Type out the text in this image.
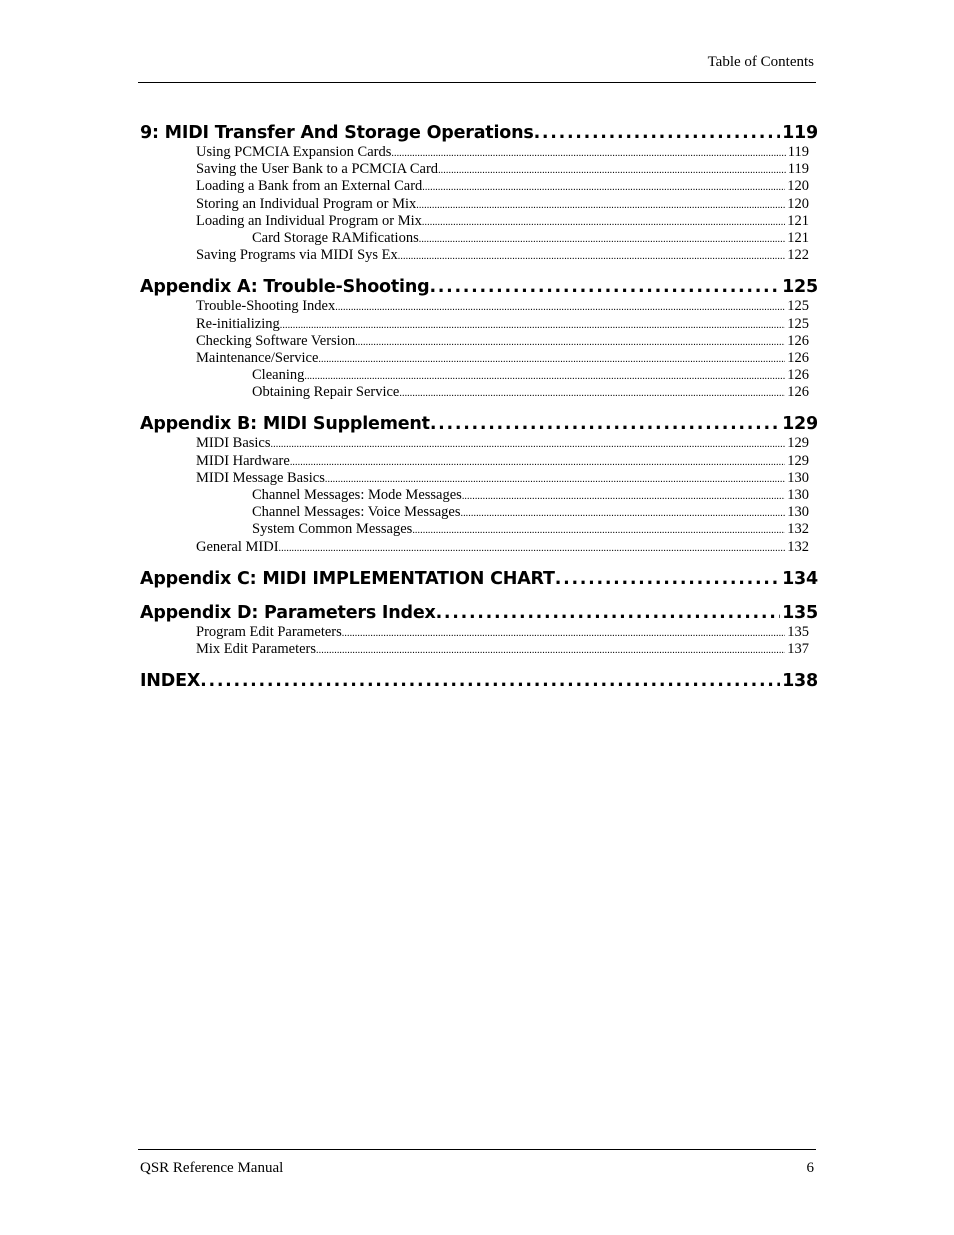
Table of Contents
9: MIDI Transfer And Storage Operations . . .	119
Using PCMCIA Expansion Cards . . .	119
Saving the User Bank to a PCMCIA Card . . .	119
Loading a Bank from an External Card . . .	120
Storing an Individual Program or Mix . . .	120
Loading an Individual Program or Mix . . .	121
Card Storage RAMifications . . .	121
Saving Programs via MIDI Sys Ex . . .	122
Appendix A: Trouble-Shooting . . .	125
Trouble-Shooting Index . . .	125
Re-initializing . . .	125
Checking Software Version . . .	126
Maintenance/Service . . .	126
Cleaning . . .	126
Obtaining Repair Service . . .	126
Appendix B: MIDI Supplement . . .	129
MIDI Basics . . .	129
MIDI Hardware . . .	129
MIDI Message Basics . . .	130
Channel Messages: Mode Messages . . .	130
Channel Messages: Voice Messages . . .	130
System Common Messages . . .	132
General MIDI . . .	132
Appendix C: MIDI IMPLEMENTATION CHART . . .	134
Appendix D: Parameters Index . . .	135
Program Edit Parameters . . .	135
Mix Edit Parameters . . .	137
INDEX . . .	138
QSR Reference Manual	6
